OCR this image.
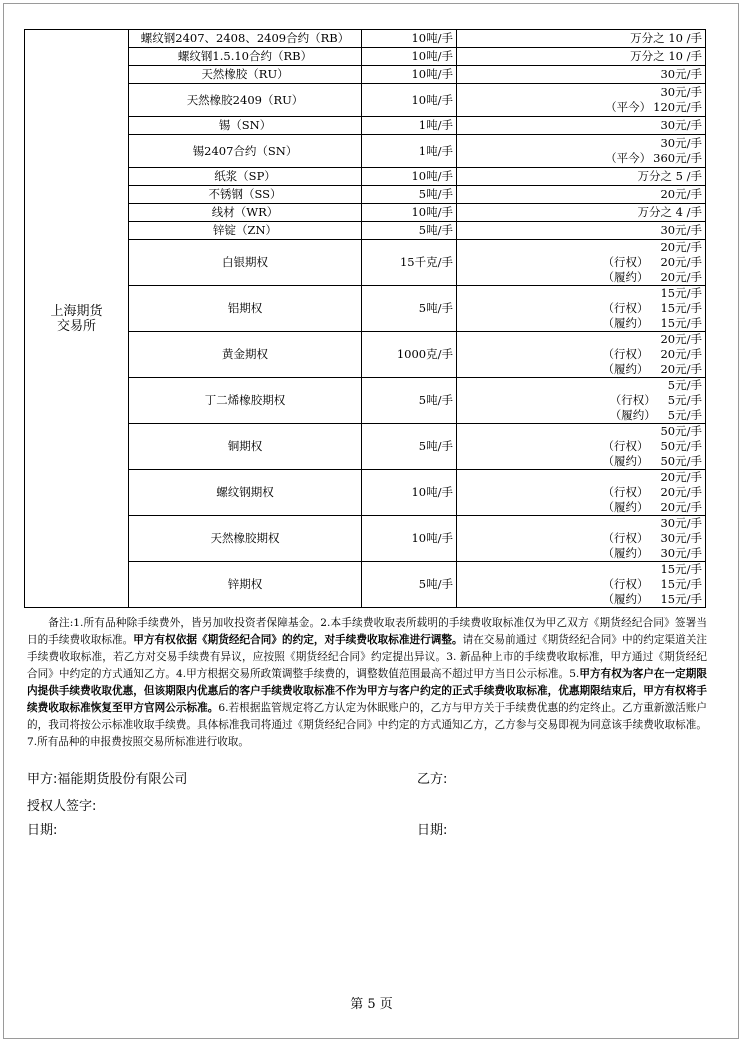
上海期货
交易所	螺纹钢2407、2408、2409合约（RB）	10吨/手	万分之 10 /手

	螺纹钢1.5.10合约（RB）	10吨/手	万分之 10 /手

	天然橡胶（RU）	10吨/手	30元/手

	天然橡胶2409（RU）	10吨/手	30元/手
（平今） 120元/手

	锡（SN）	1吨/手	30元/手

	锡2407合约（SN）	1吨/手	30元/手
（平今） 360元/手

	纸浆（SP）	10吨/手	万分之 5 /手

	不锈钢（SS）	5吨/手	20元/手

	线材（WR）	10吨/手	万分之 4 /手

	锌锭（ZN）	5吨/手	30元/手

	白银期权	15千克/手	20元/手
（行权） 20元/手
（履约） 20元/手

	铝期权	5吨/手	15元/手
（行权） 15元/手
（履约） 15元/手

	黄金期权	1000克/手	20元/手
（行权） 20元/手
（履约） 20元/手

	丁二烯橡胶期权	5吨/手	5元/手
（行权） 5元/手
（履约） 5元/手

	铜期权	5吨/手	50元/手
（行权） 50元/手
（履约） 50元/手

	螺纹钢期权	10吨/手	20元/手
（行权） 20元/手
（履约） 20元/手

	天然橡胶期权	10吨/手	30元/手
（行权） 30元/手
（履约） 30元/手

	锌期权	5吨/手	15元/手
（行权） 15元/手
（履约） 15元/手
备注:1.所有品种除手续费外，皆另加收投资者保障基金。2.本手续费收取表所载明的手续费收取标准仅为甲乙双方《期货经纪合同》签署当日的手续费收取标准。甲方有权依据《期货经纪合同》的约定，对手续费收取标准进行调整。请在交易前通过《期货经纪合同》中的约定渠道关注手续费收取标准，若乙方对交易手续费有异议，应按照《期货经纪合同》约定提出异议。3. 新品种上市的手续费收取标准，甲方通过《期货经纪合同》中约定的方式通知乙方。4.甲方根据交易所政策调整手续费的，调整数值范围最高不超过甲方当日公示标准。5.甲方有权为客户在一定期限内提供手续费收取优惠，但该期限内优惠后的客户手续费收取标准不作为甲方与客户约定的正式手续费收取标准，优惠期限结束后，甲方有权将手续费收取标准恢复至甲方官网公示标准。6.若根据监管规定将乙方认定为休眠账户的，乙方与甲方关于手续费优惠的约定终止。乙方重新激活账户的，我司将按公示标准收取手续费。具体标准我司将通过《期货经纪合同》中约定的方式通知乙方，乙方参与交易即视为同意该手续费收取标准。7.所有品种的申报费按照交易所标准进行收取。
甲方:福能期货股份有限公司	乙方:
授权人签字:
日期:	日期:
第 5 页
